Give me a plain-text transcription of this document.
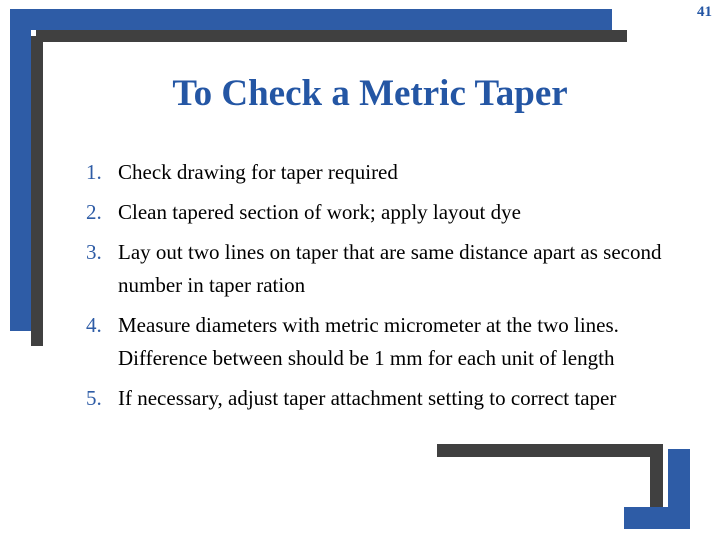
41
To Check a Metric Taper
1. Check drawing for taper required
2. Clean tapered section of work; apply layout dye
3. Lay out two lines on taper that are same distance apart as second number in taper ration
4. Measure diameters with metric micrometer at the two lines.  Difference between should be 1 mm for each unit of length
5. If necessary, adjust taper attachment setting to correct taper
